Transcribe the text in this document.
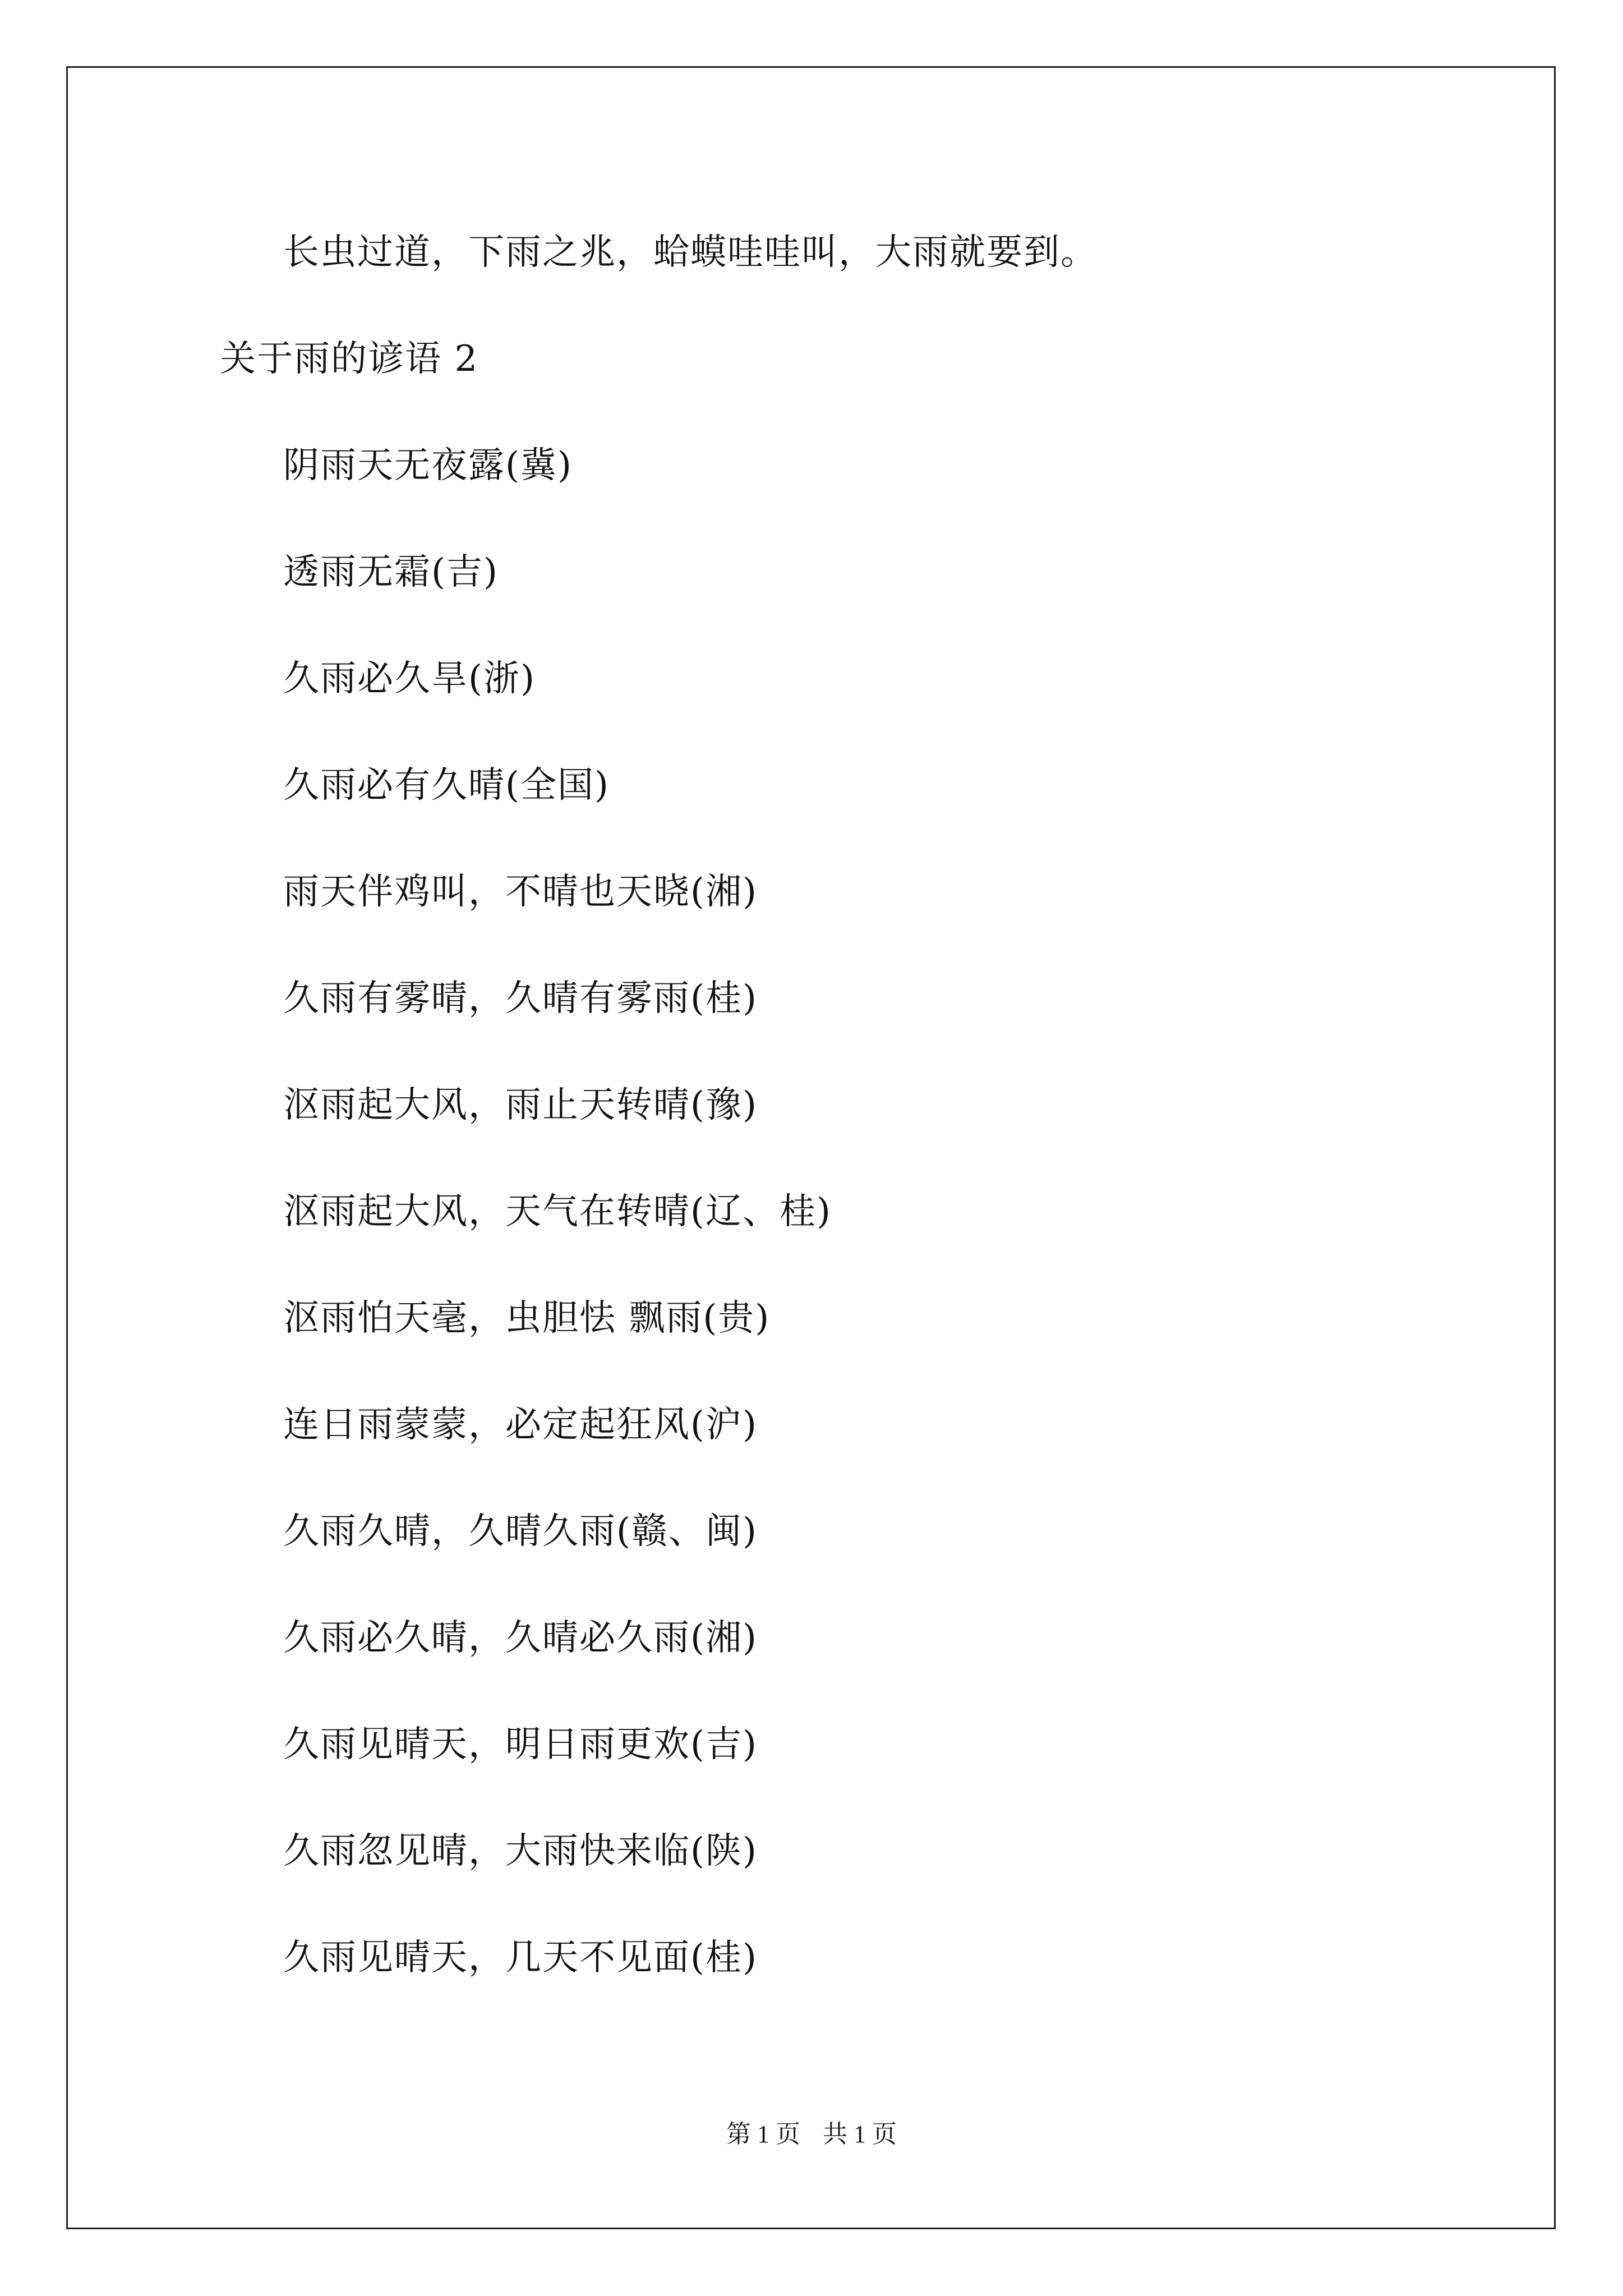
长虫过道，下雨之兆，蛤蟆哇哇叫，大雨就要到。
关于雨的谚语 2
阴雨天无夜露(冀)
透雨无霜(吉)
久雨必久旱(浙)
久雨必有久晴(全国)
雨天伴鸡叫，不晴也天晓(湘)
久雨有雾晴，久晴有雾雨(桂)
沤雨起大风，雨止天转晴(豫)
沤雨起大风，天气在转晴(辽、桂)
沤雨怕天毫，虫胆怯 飘雨(贵)
连日雨蒙蒙，必定起狂风(沪)
久雨久晴，久晴久雨(赣、闽)
久雨必久晴，久晴必久雨(湘)
久雨见晴天，明日雨更欢(吉)
久雨忽见晴，大雨快来临(陕)
久雨见晴天，几天不见面(桂)
第 1 页 共 1 页
